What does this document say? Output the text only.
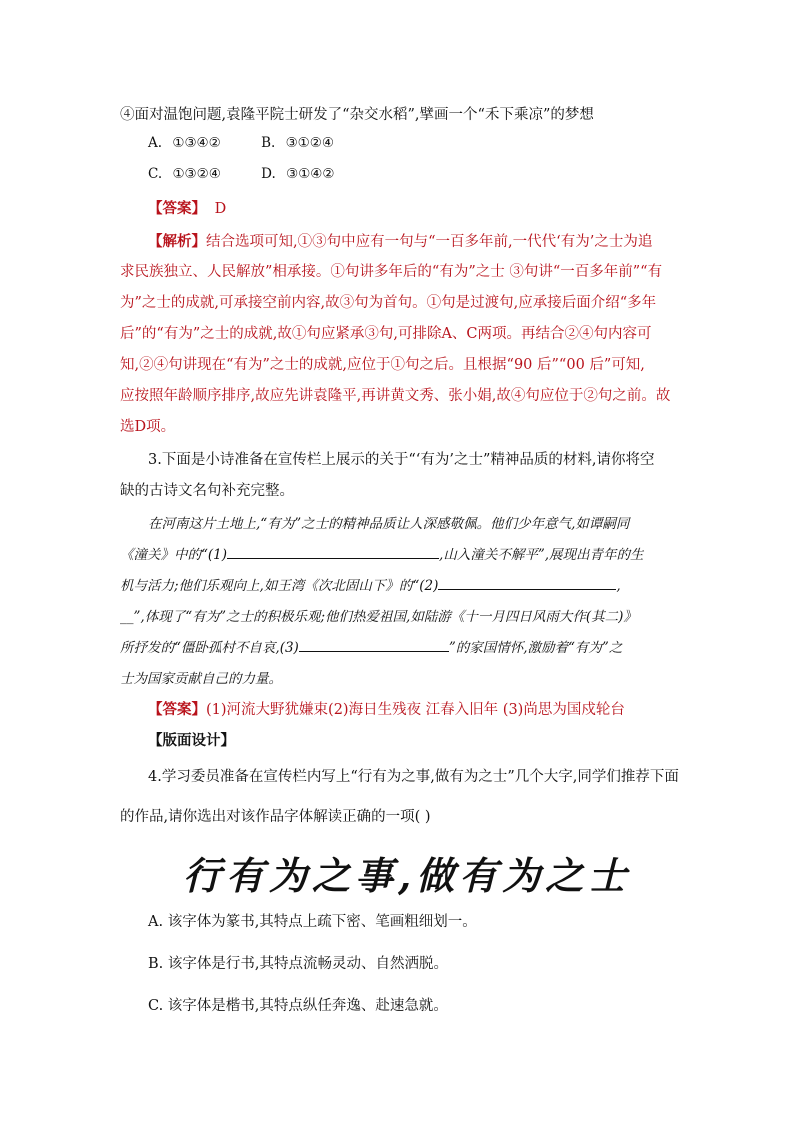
④面对温饱问题,袁隆平院士研发了“杂交水稻”,擘画一个“禾下乘凉”的梦想
A. ①③④②	B. ③①②④
C. ①③②④	D. ③①④②
【答案】 D
【解析】结合选项可知,①③句中应有一句与“一百多年前,一代代‘有为’之士为追
求民族独立、人民解放”相承接。①句讲多年后的“有为”之士 ③句讲“一百多年前”“有
为”之士的成就,可承接空前内容,故③句为首句。①句是过渡句,应承接后面介绍“多年
后”的“有为”之士的成就,故①句应紧承③句,可排除A、C两项。再结合②④句内容可
知,②④句讲现在“有为”之士的成就,应位于①句之后。且根据“90 后”“00 后”可知,
应按照年龄顺序排序,故应先讲袁隆平,再讲黄文秀、张小娟,故④句应位于②句之前。故
选D项。
3.下面是小诗准备在宣传栏上展示的关于“‘有为’之士”精神品质的材料,请你将空
缺的古诗文名句补充完整。
在河南这片土地上,“有为”之士的精神品质让人深感敬佩。他们少年意气,如谭嗣同
《潼关》中的“(1)	,山入潼关不解平”,展现出青年的生
机与活力;他们乐观向上,如王湾《次北固山下》的“(2)	,
__”,体现了“有为”之士的积极乐观;他们热爱祖国,如陆游《十一月四日风雨大作(其二)》
所抒发的“僵卧孤村不自哀,(3)	”的家国情怀,激励着“有为”之
士为国家贡献自己的力量。
【答案】(1)河流大野犹嫌束(2)海日生残夜 江春入旧年 (3)尚思为国戍轮台
【版面设计】
4.学习委员准备在宣传栏内写上“行有为之事,做有为之士”几个大字,同学们推荐下面
的作品,请你选出对该作品字体解读正确的一项( )
行有为之事,做有为之士
A. 该字体为篆书,其特点上疏下密、笔画粗细划一。
B. 该字体是行书,其特点流畅灵动、自然洒脱。
C. 该字体是楷书,其特点纵任奔逸、赴速急就。
